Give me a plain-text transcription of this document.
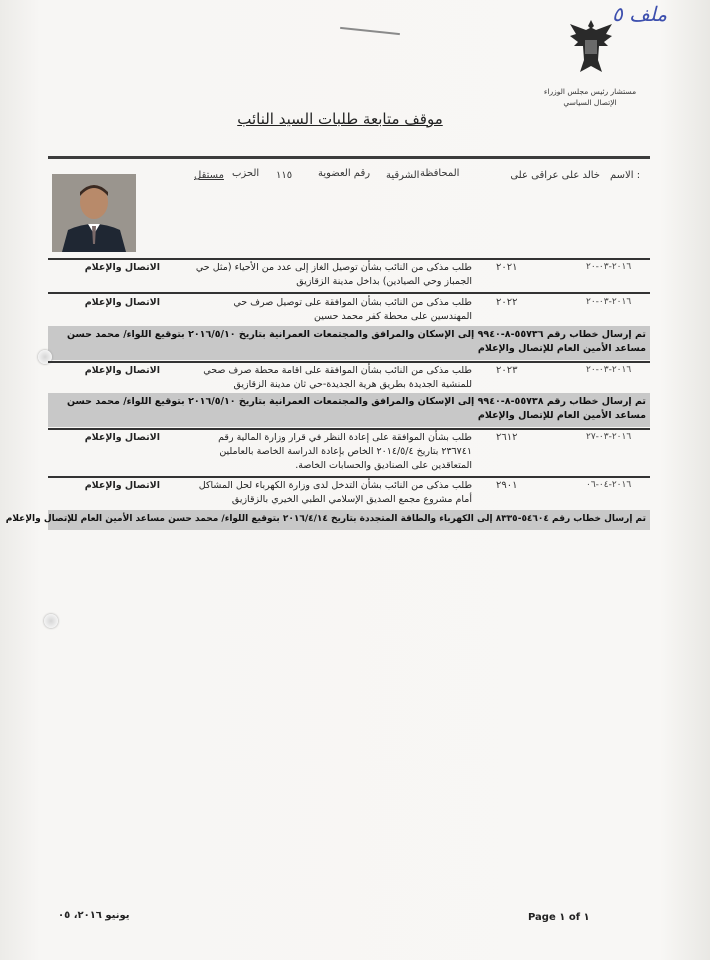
ملف ٥
مستشار رئيس مجلس الوزراء
الإتصال السياسي
موقف متابعة طلبات السيد النائب
: الاسم
خالد على عراقى على
المحافظة
الشرقية
رقم العضوية
١١٥
الحزب
مستقل
٢٠١٦-٠٣-٢٠
٢٠٢١
طلب مذكى من النائب بشأن توصيل الغاز إلى عدد من الأحياء (مثل حي الجمباز وحي الصيادين) بداخل مدينة الزقازيق
الاتصال والإعلام
٢٠١٦-٠٣-٢٠
٢٠٢٢
طلب مذكى من النائب بشأن الموافقة على توصيل صرف حي المهندسين على محطة كفر محمد حسين
الاتصال والإعلام
تم إرسال خطاب رقم ٥٥٧٣٦-٨-٩٩٤٠ إلى الإسكان والمرافق والمجتمعات العمرانية بتاريخ ٢٠١٦/٥/١٠ بتوقيع اللواء/ محمد حسن مساعد الأمين العام للإتصال والإعلام
٢٠١٦-٠٣-٢٠
٢٠٢٣
طلب مذكى من النائب بشأن الموافقة على اقامة محطة صرف صحي للمنشية الجديدة بطريق هرية الجديدة-حي ثان مدينة الزقازيق
الاتصال والإعلام
تم إرسال خطاب رقم ٥٥٧٣٨-٨-٩٩٤٠ إلى الإسكان والمرافق والمجتمعات العمرانية بتاريخ ٢٠١٦/٥/١٠ بتوقيع اللواء/ محمد حسن مساعد الأمين العام للإتصال والإعلام
٢٠١٦-٠٣-٢٧
٢٦١٢
طلب بشأن الموافقة على إعادة النظر في قرار وزارة المالية رقم ٢٣٦٧٤١ بتاريخ ٢٠١٤/٥/٤ الخاص بإعادة الدراسة الخاصة بالعاملين المتعاقدين على الصناديق والحسابات الخاصة.
الاتصال والإعلام
٢٠١٦-٠٤-٠٦
٢٩٠١
طلب مذكى من النائب بشأن التدخل لدى وزارة الكهرباء لحل المشاكل أمام مشروع مجمع الصديق الإسلامي الطبي الخيري بالزقازيق
الاتصال والإعلام
تم إرسال خطاب رقم ٥٤٦٠٤-٨٣٣٥ إلى الكهرباء والطاقة المتجددة بتاريخ ٢٠١٦/٤/١٤ بتوقيع اللواء/ محمد حسن مساعد الأمين العام للإتصال والإعلام
يونيو ٢٠١٦، ٠٥	Page ١ of ١
